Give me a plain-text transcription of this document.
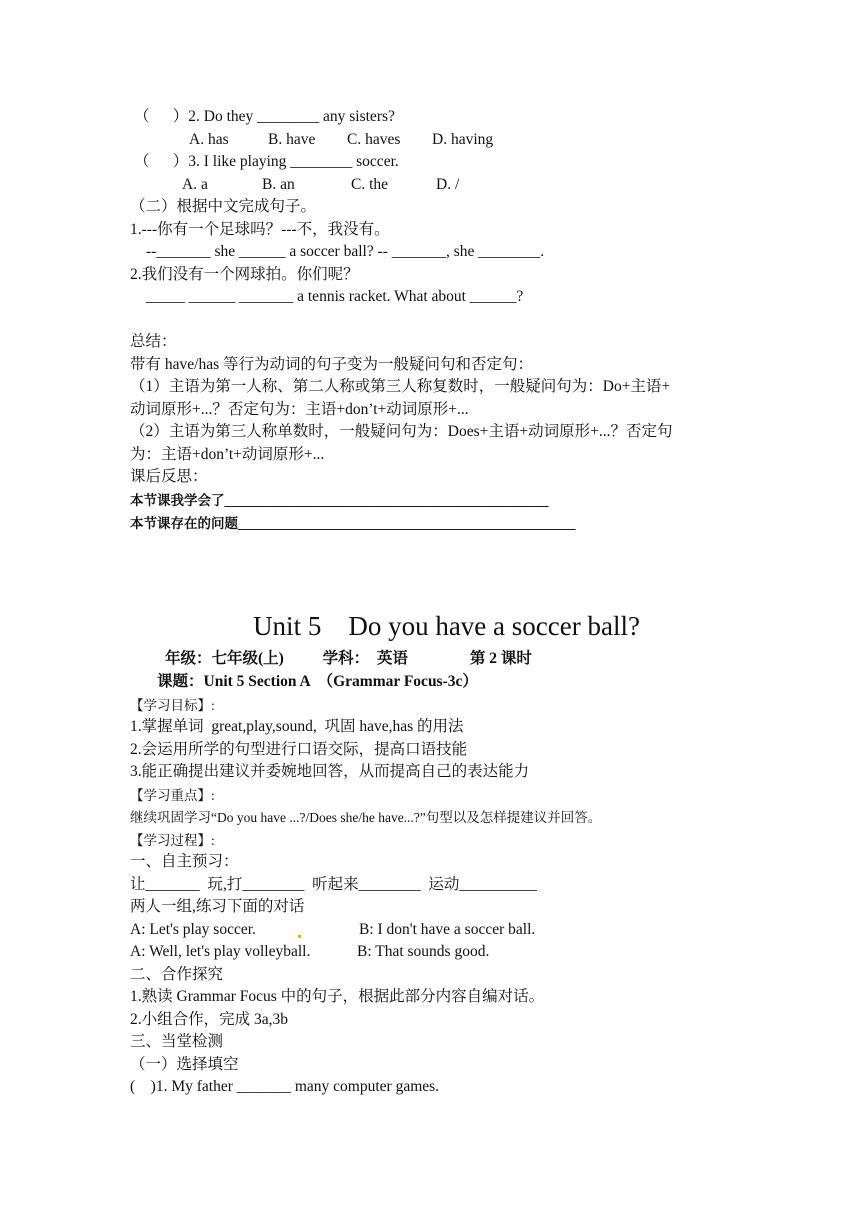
（      ）2. Do they ________ any sisters?
A. has	B. have C. haves D. having
（      ）3. I like playing ________ soccer.
A. a	B. an	C. the	D. /
（二）根据中文完成句子。
1.---你有一个足球吗？---不，我没有。
--_______ she ______ a soccer ball? -- _______, she ________.
2.我们没有一个网球拍。你们呢？
_____ ______ _______ a tennis racket. What about ______?
总结：
带有 have/has 等行为动词的句子变为一般疑问句和否定句：
（1）主语为第一人称、第二人称或第三人称复数时，一般疑问句为：Do+主语+
动词原形+...？否定句为：主语+don’t+动词原形+...
（2）主语为第三人称单数时，一般疑问句为：Does+主语+动词原形+...？否定句
为：主语+don’t+动词原形+...
课后反思：
本节课我学会了________________________________________________
本节课存在的问题__________________________________________________
Unit 5    Do you have a soccer ball?
年级：七年级(上)          学科：  英语                第 2 课时
课题：Unit 5 Section A  （Grammar Focus-3c）
【学习目标】:
1.掌握单词  great,play,sound,  巩固 have,has 的用法
2.会运用所学的句型进行口语交际，提高口语技能
3.能正确提出建议并委婉地回答，从而提高自己的表达能力
【学习重点】:
继续巩固学习“Do you have ...?/Does she/he have...?”句型以及怎样提建议并回答。
【学习过程】:
一、自主预习：
让_______  玩,打________  听起来________  运动__________
两人一组,练习下面的对话
A: Let's play soccer.	B: I don't have a soccer ball.
A: Well, let's play volleyball.	B: That sounds good.
二、合作探究
1.熟读 Grammar Focus 中的句子，根据此部分内容自编对话。
2.小组合作，完成 3a,3b
三、当堂检测
（一）选择填空
(    )1. My father _______ many computer games.
